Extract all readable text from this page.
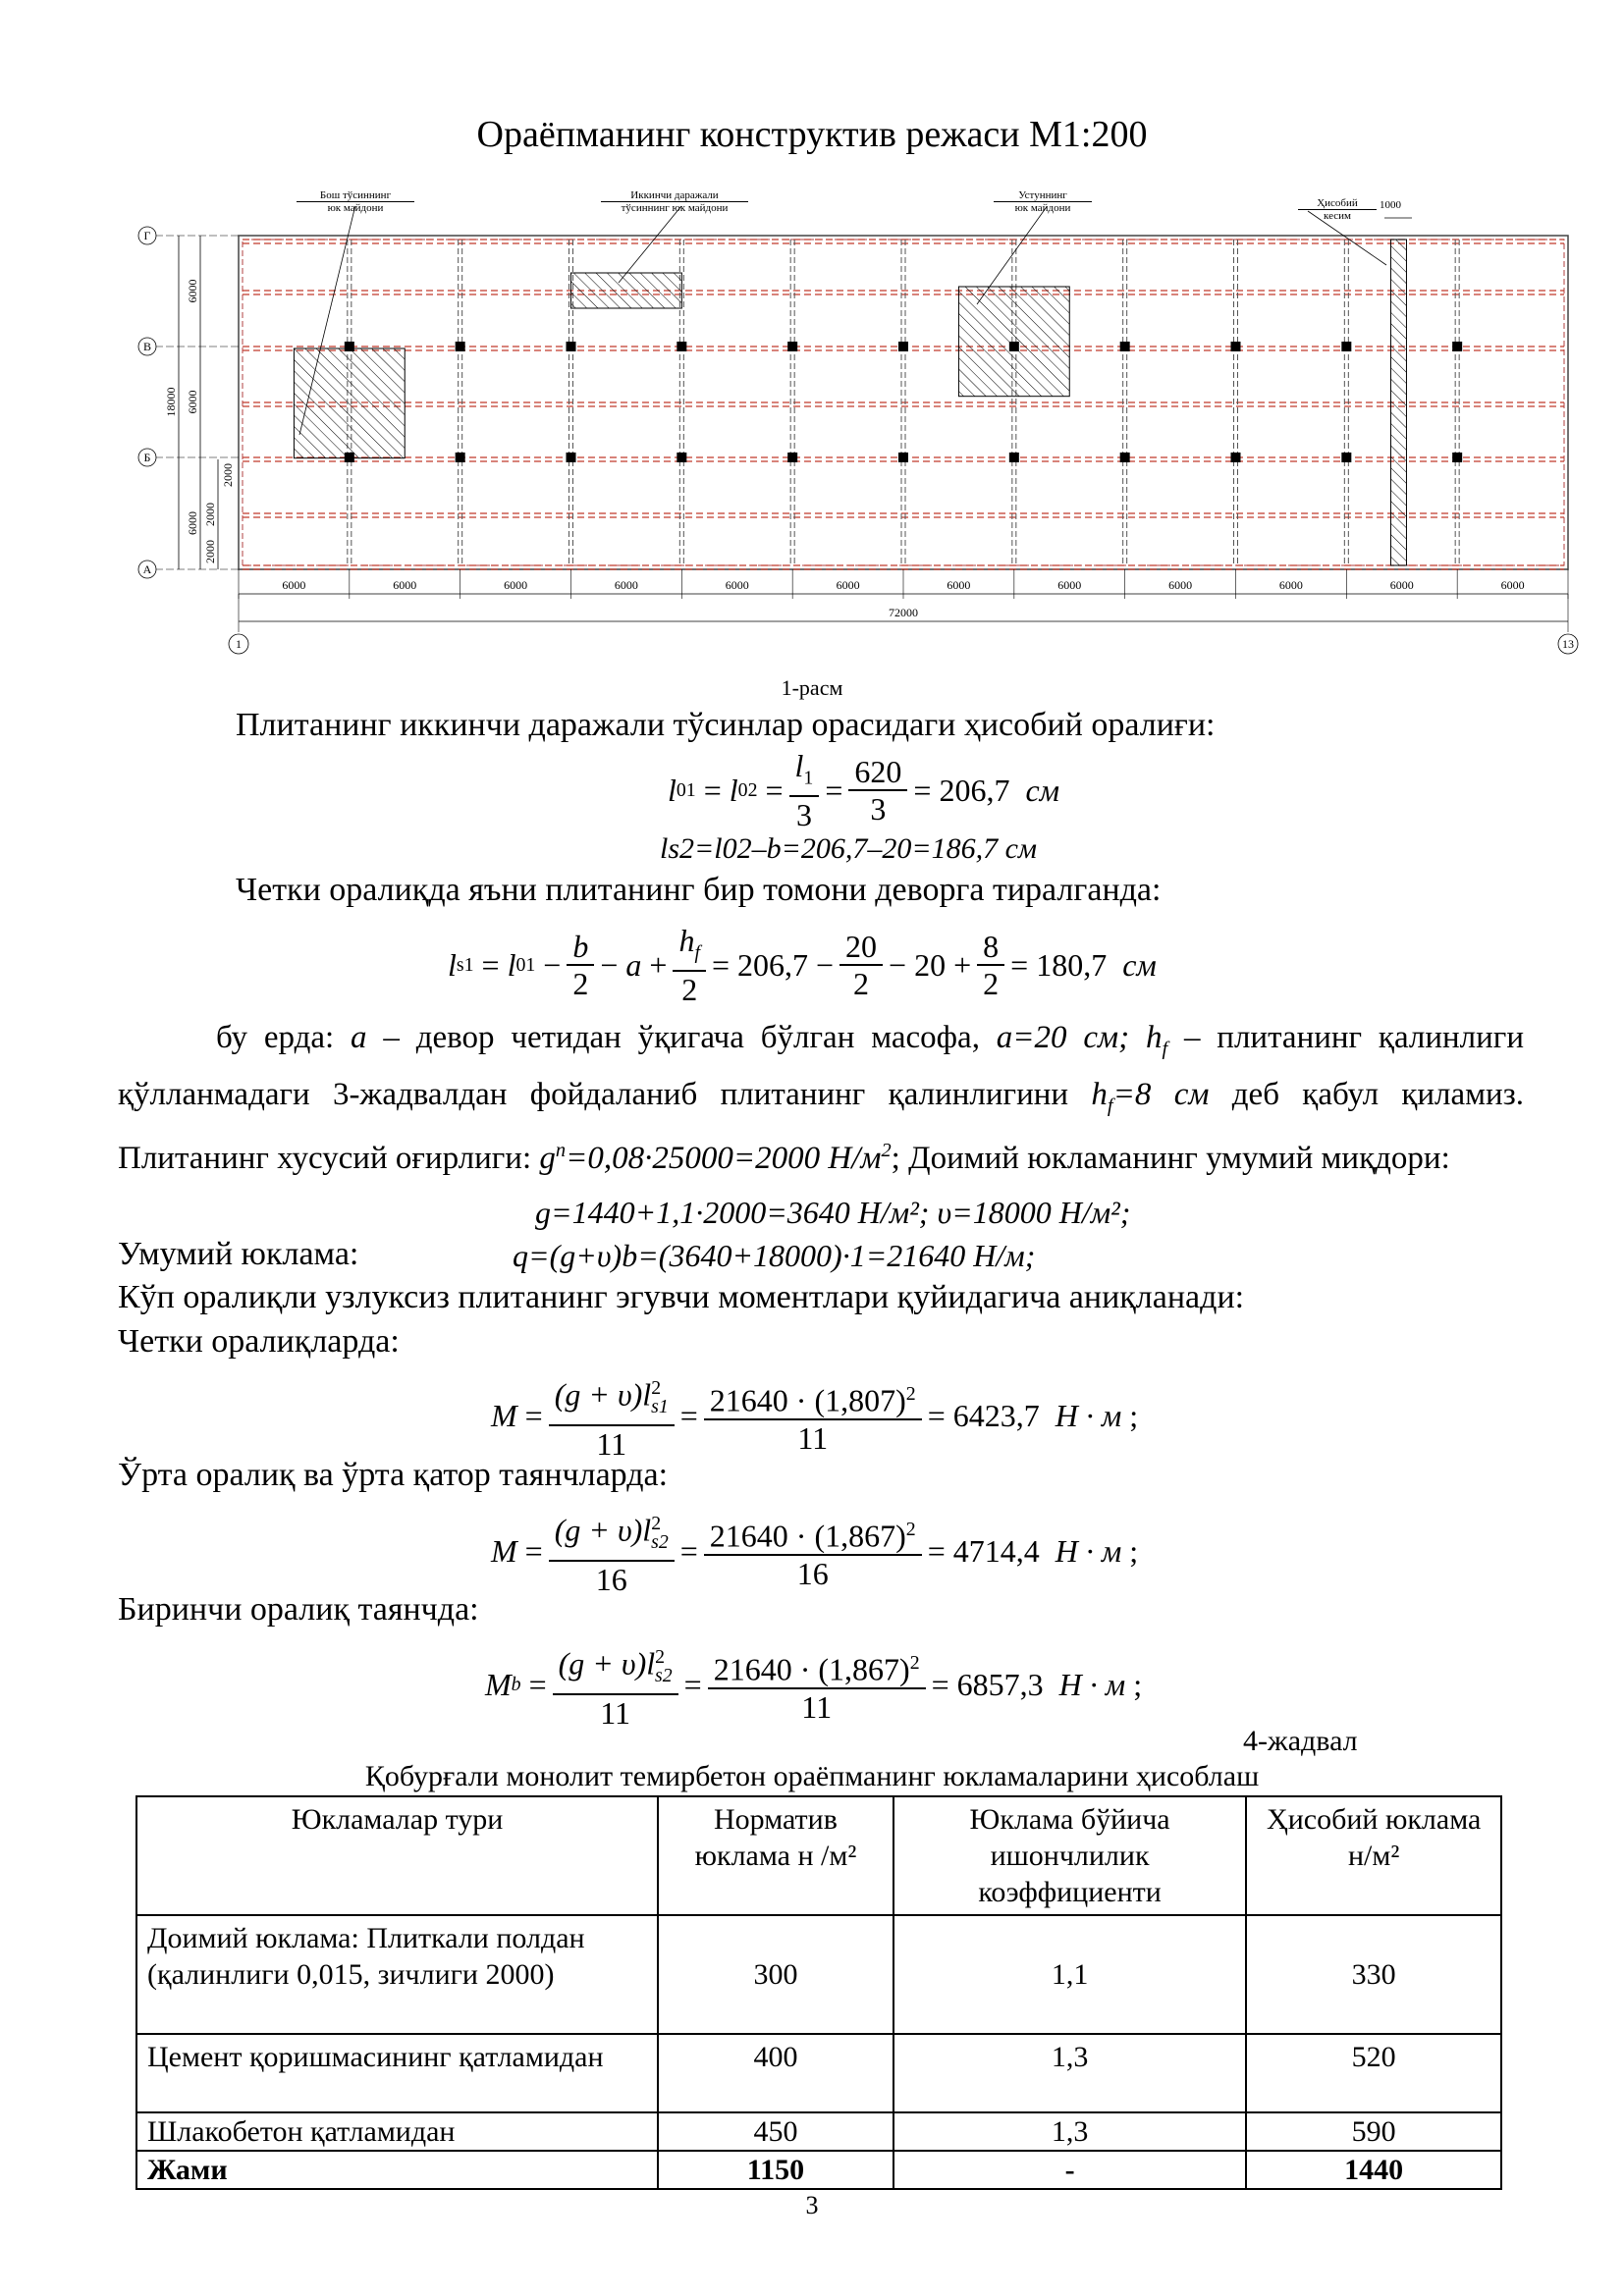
Ораёпманинг конструктив режаси М1:200
Г
В
Б
А
6000
6000
18000
6000
2000
2000
2000
6000	6000	6000	6000	6000	6000	6000	6000	6000	6000	6000	6000
72000
1	13
Бош тўсиннинг
юк майдони
Иккинчи даражали
тўсиннинг юк майдони
Устуннинг
юк майдони	Ҳисобий
кесим
1000
1-расм
Плитанинг иккинчи даражали тўсинлар орасидаги ҳисобий оралиғи:
l 01 = l $02 = \frac{l_1}{3} = \frac{620}{3} = 206,7$
см
ls2=l02–b=206,7–20=186,7 см
Четки оралиқда яъни плитанинг бир томони деворга тиралганда:
l s1 = l $01 - \frac{b}{2} - a + \frac{h_f}{2} = 206,7 - \frac{20}{2} - 20 + \frac{8}{2} = 180,7$
см
бу ерда: a – девор четидан ўқигача бўлган масофа, a=20 см; $h_f$ – плитанинг қалинлиги қўлланмадаги 3-жадвалдан фойдаланиб плитанинг қалинлигини $h_f=8$ см деб қабул қиламиз. Плитанинг хусусий оғирлиги: $g^n=0,08\cdot 25000=2000$ $Н/м^2$; Доимий юкламанинг умумий миқдори:
g=1440+1,1·2000=3640 Н/м²; υ=18000 Н/м²;
Умумий юклама:	q=(g+υ)b=(3640+18000)·1=21640 Н/м;
Кўп оралиқли узлуксиз плитанинг эгувчи моментлари қуйидагича аниқланади:
Четки оралиқларда:
$M = \frac{(g + \upsilon)l^2_{s1}}{11} = \frac{21640 \cdot (1,807)^2}{11} = 6423,7$
Н · м
;
Ўрта оралиқ ва ўрта қатор таянчларда:
$M = \frac{(g + \upsilon)l^2_{s2}}{16} = \frac{21640 \cdot (1,867)^2}{16} = 4714,4$
Н · м
;
Биринчи оралиқ таянчда:
M $b = \frac{(g + \upsilon)l^2_{s2}}{11} = \frac{21640 \cdot (1,867)^2}{11} = 6857,3$
Н · м
;
4-жадвал
Қобурғали монолит темирбетон ораёпманинг юкламаларини ҳисоблаш
Юкламалар тури	Норматив юклама н /м²	Юклама бўйича ишончлилик коэффициенти	Ҳисобий юклама н/м²
Доимий юклама: Плиткали полдан (қалинлиги 0,015, зичлиги 2000)	300	1,1	330
Цемент қоришмасининг қатламидан	400	1,3	520
Шлакобетон қатламидан	450	1,3	590
Жами	1150	-	1440
3
